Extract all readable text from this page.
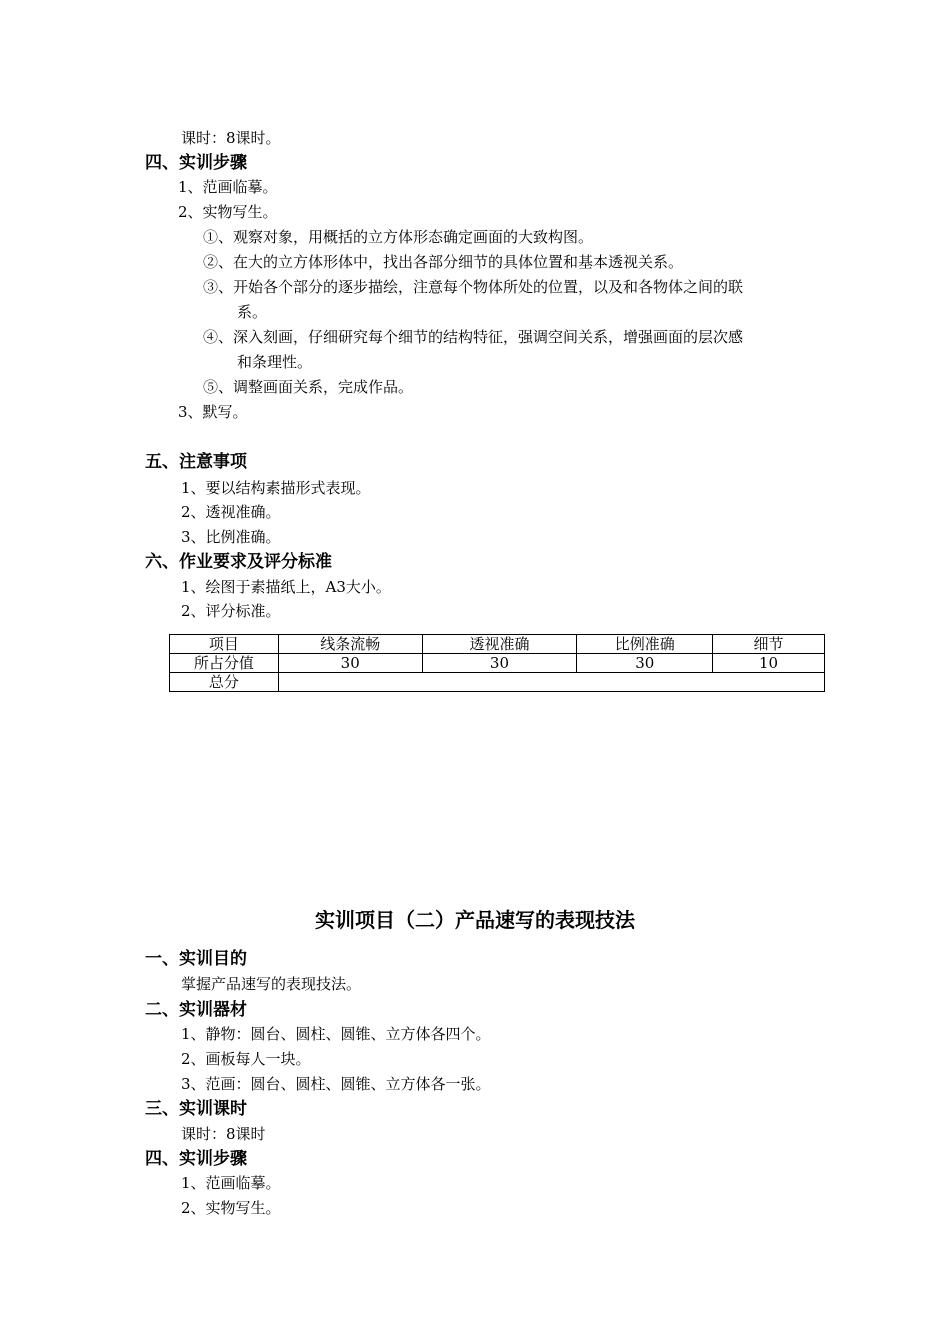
课时：8课时。
四、实训步骤
1、范画临摹。
2、实物写生。
①、观察对象，用概括的立方体形态确定画面的大致构图。
②、在大的立方体形体中，找出各部分细节的具体位置和基本透视关系。
③、开始各个部分的逐步描绘，注意每个物体所处的位置，以及和各物体之间的联
系。
④、深入刻画，仔细研究每个细节的结构特征，强调空间关系，增强画面的层次感
和条理性。
⑤、调整画面关系，完成作品。
3、默写。
五、注意事项
1、要以结构素描形式表现。
2、透视准确。
3、比例准确。
六、作业要求及评分标准
1、绘图于素描纸上，A3大小。
2、评分标准。
项目	线条流畅	透视准确	比例准确	细节
所占分值	30	30	30	10
总分				
实训项目（二）产品速写的表现技法
一、实训目的
掌握产品速写的表现技法。
二、实训器材
1、静物：圆台、圆柱、圆锥、立方体各四个。
2、画板每人一块。
3、范画：圆台、圆柱、圆锥、立方体各一张。
三、实训课时
课时：8课时
四、实训步骤
1、范画临摹。
2、实物写生。
